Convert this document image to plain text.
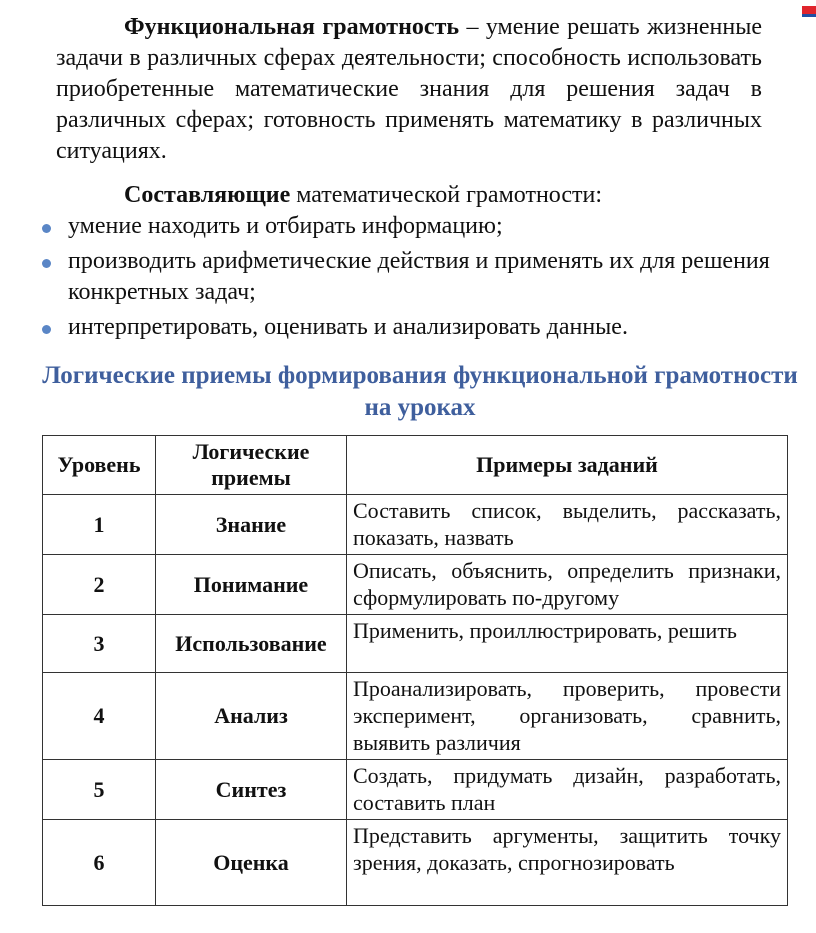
Функциональная грамотность – умение решать жизненные задачи в различных сферах деятельности; способность использовать приобретенные математические знания для решения задач в различных сферах; готовность применять математику в различных ситуациях.
Составляющие математической грамотности:
умение находить и отбирать информацию;
производить арифметические действия и применять их для решения конкретных задач;
интерпретировать, оценивать и анализировать данные.
Логические приемы формирования функциональной грамотности на уроках
Уровень	Логические приемы	Примеры заданий
1	Знание	Составить список, выделить, рассказать, показать, назвать
2	Понимание	Описать, объяснить, определить признаки, сформулировать по-другому
3	Использование	Применить, проиллюстрировать, решить
4	Анализ	Проанализировать, проверить, провести эксперимент, организовать, сравнить, выявить различия
5	Синтез	Создать, придумать дизайн, разработать, составить план
6	Оценка	Представить аргументы, защитить точку зрения, доказать, спрогнозировать
